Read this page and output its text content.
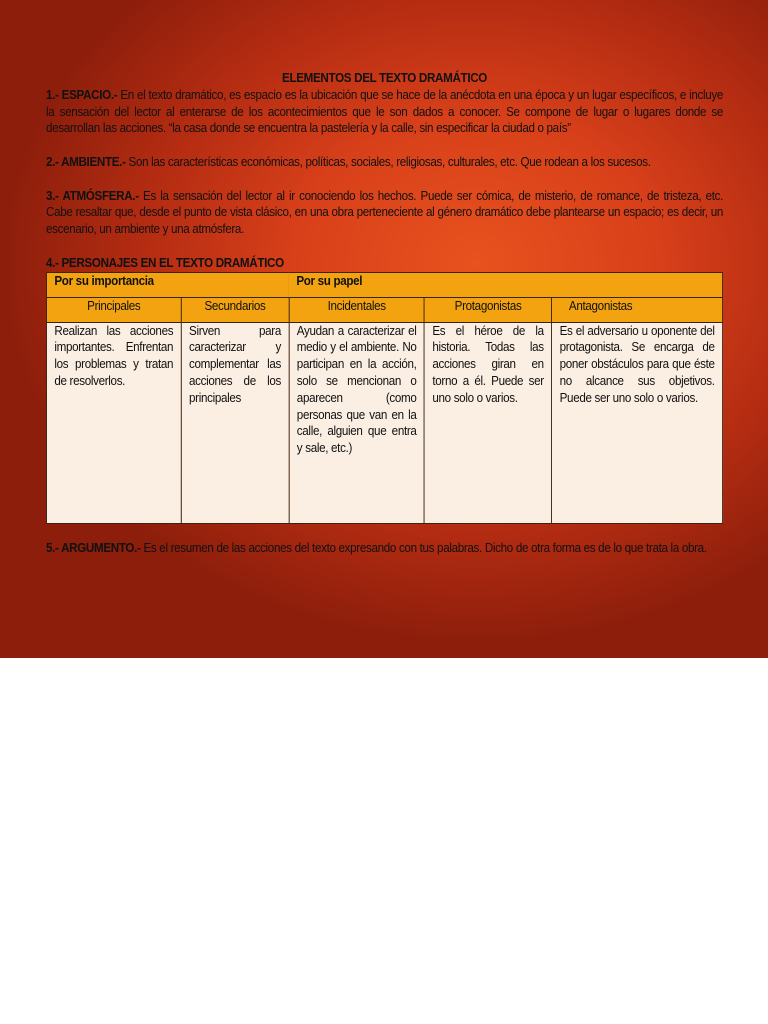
ELEMENTOS DEL TEXTO DRAMÁTICO

1.- ESPACIO.- En el texto dramático, es espacio es la ubicación que se hace de la anécdota en una época y un lugar específicos, e incluye la sensación del lector al enterarse de los acontecimientos que le son dados a conocer. Se compone de lugar o lugares donde se desarrollan las acciones. “la casa donde se encuentra la pastelería y la calle, sin especificar la ciudad o país”

2.- AMBIENTE.- Son las características económicas, políticas, sociales, religiosas, culturales, etc. Que rodean a los sucesos.

3.- ATMÓSFERA.- Es la sensación del lector al ir conociendo los hechos. Puede ser cómica, de misterio, de romance, de tristeza, etc. Cabe resaltar que, desde el punto de vista clásico, en una obra perteneciente al género dramático debe plantearse un espacio; es decir, un escenario, un ambiente y una atmósfera.

4.- PERSONAJES EN EL TEXTO DRAMÁTICO

Por su importancia		Por su papel		
Principales	Secundarios	Incidentales	Protagonistas	Antagonistas
Realizan las acciones importantes. Enfrentan los problemas y tratan de resolverlos.	Sirven para caracterizar y complementar las acciones de los principales	Ayudan a caracterizar el medio y el ambiente. No participan en la acción, solo se mencionan o aparecen (como personas que van en la calle, alguien que entra y sale, etc.)	Es el héroe de la historia. Todas las acciones giran en torno a él. Puede ser uno solo o varios.	Es el adversario u oponente del protagonista. Se encarga de poner obstáculos para que éste no alcance sus objetivos. Puede ser uno solo o varios.

5.- ARGUMENTO.- Es el resumen de las acciones del texto expresando con tus palabras. Dicho de otra forma es de lo que trata la obra.
